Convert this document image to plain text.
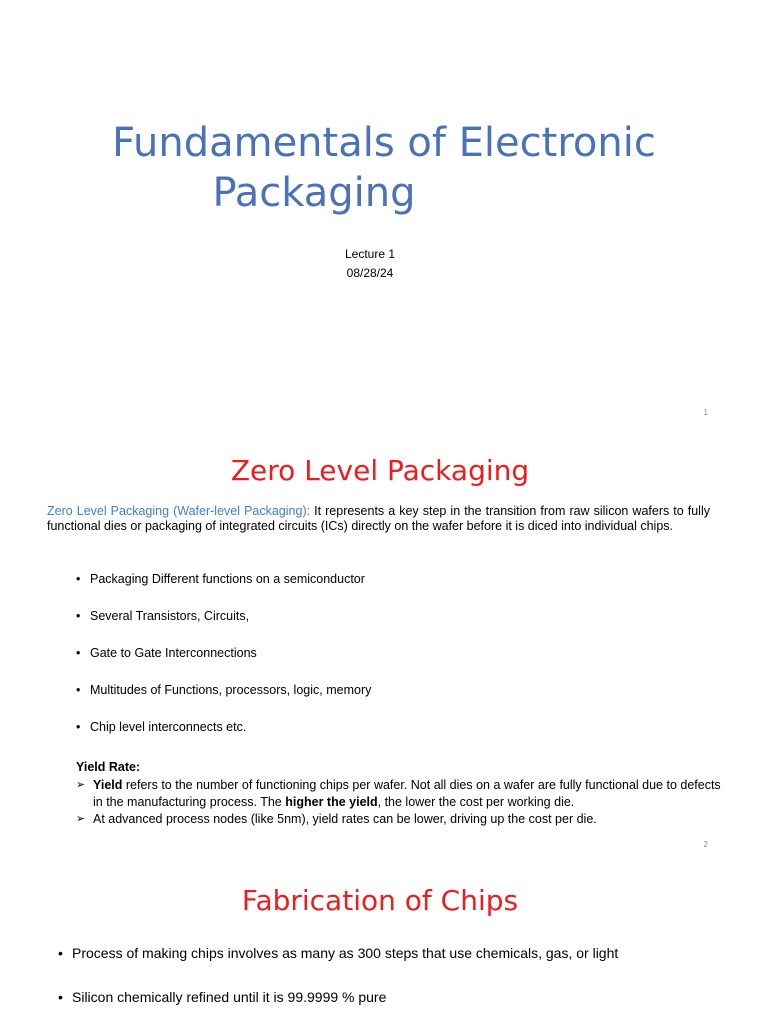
Fundamentals of Electronic
Packaging
Lecture 1
08/28/24
1
Zero Level Packaging
Zero Level Packaging (Wafer-level Packaging): It represents a key step in the transition from raw silicon wafers to fully functional dies or packaging of integrated circuits (ICs) directly on the wafer before it is diced into individual chips.
• Packaging Different functions on a semiconductor
• Several Transistors, Circuits,
• Gate to Gate Interconnections
• Multitudes of Functions, processors, logic, memory
• Chip level interconnects etc.
Yield Rate:
➢ Yield refers to the number of functioning chips per wafer. Not all dies on a wafer are fully functional due to defects in the manufacturing process. The higher the yield, the lower the cost per working die.
➢ At advanced process nodes (like 5nm), yield rates can be lower, driving up the cost per die.
2
Fabrication of Chips
• Process of making chips involves as many as 300 steps that use chemicals, gas, or light
• Silicon chemically refined until it is 99.9999 % pure
